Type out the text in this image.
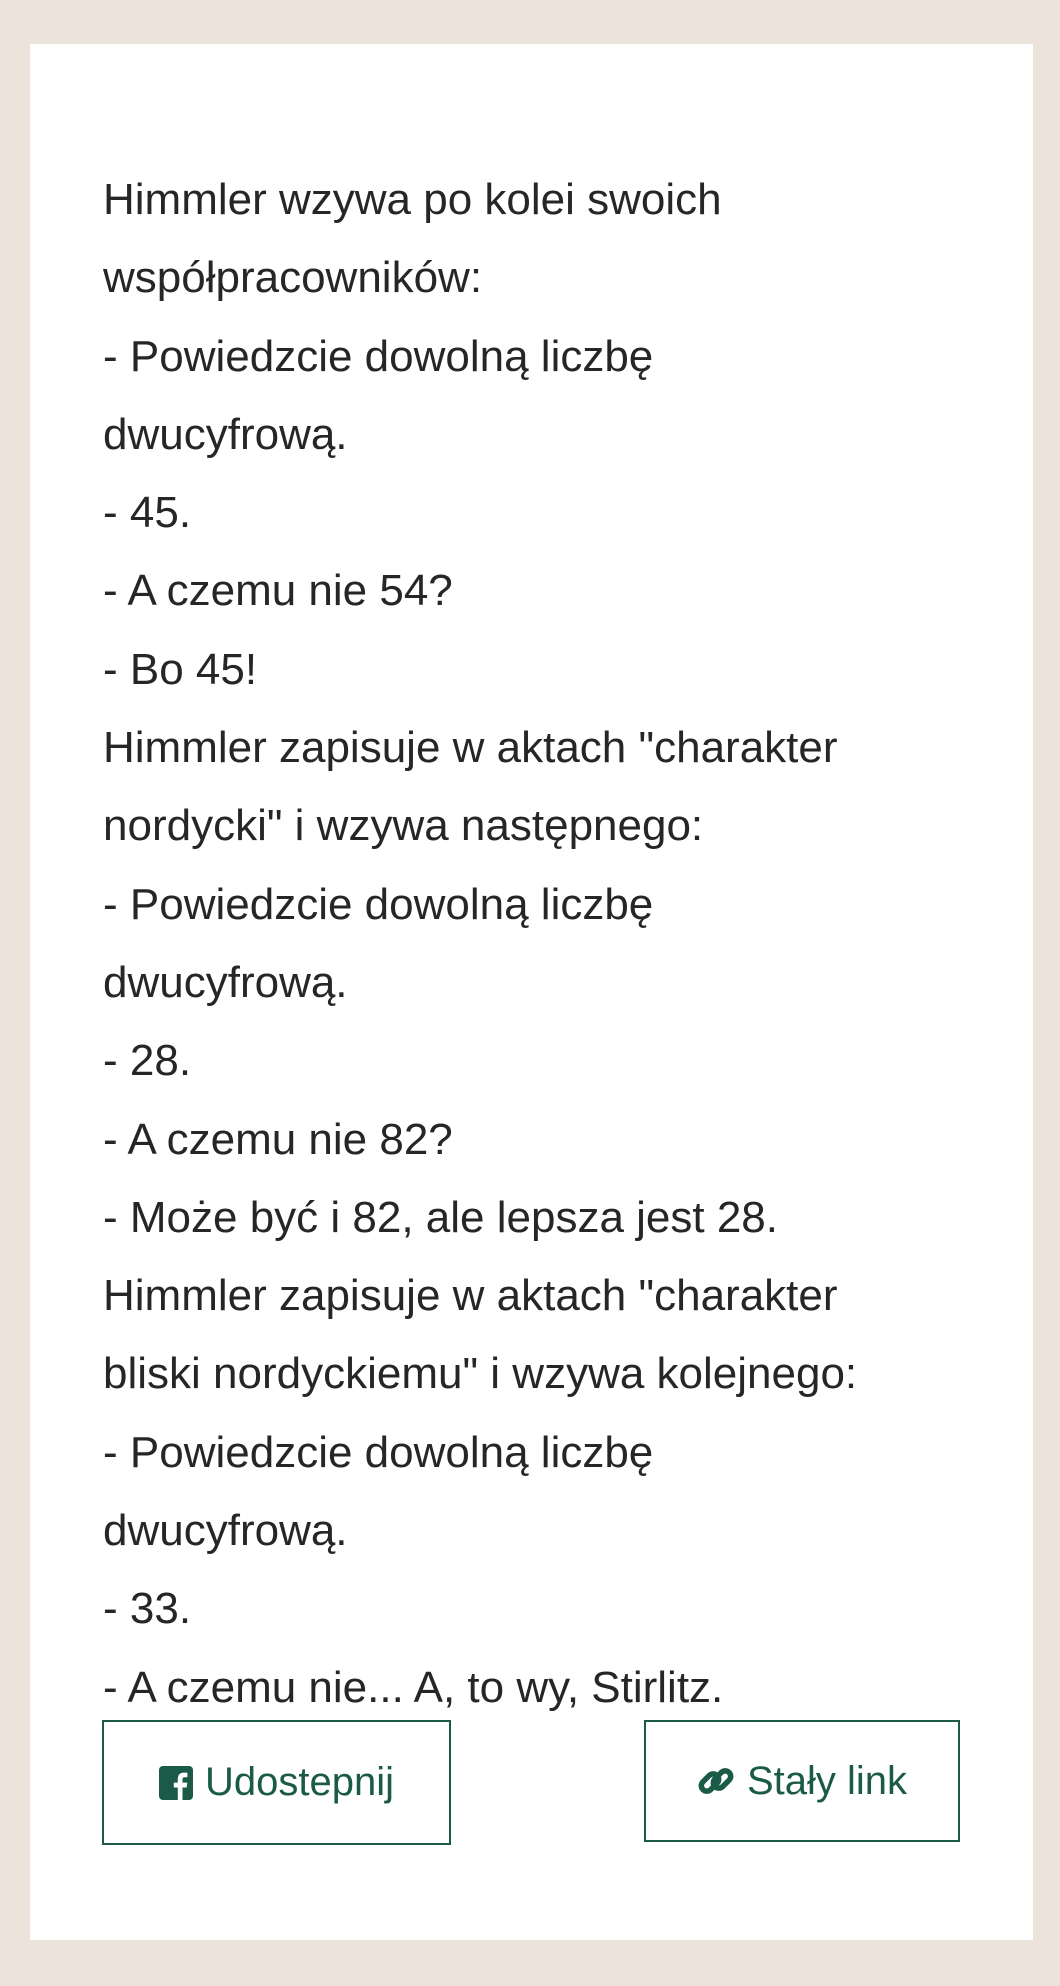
Himmler wzywa po kolei swoich
współpracowników:
- Powiedzcie dowolną liczbę
dwucyfrową.
- 45.
- A czemu nie 54?
- Bo 45!
Himmler zapisuje w aktach "charakter
nordycki" i wzywa następnego:
- Powiedzcie dowolną liczbę
dwucyfrową.
- 28.
- A czemu nie 82?
- Może być i 82, ale lepsza jest 28.
Himmler zapisuje w aktach "charakter
bliski nordyckiemu" i wzywa kolejnego:
- Powiedzcie dowolną liczbę
dwucyfrową.
- 33.
- A czemu nie... A, to wy, Stirlitz.
Udostepnij	Stały link
